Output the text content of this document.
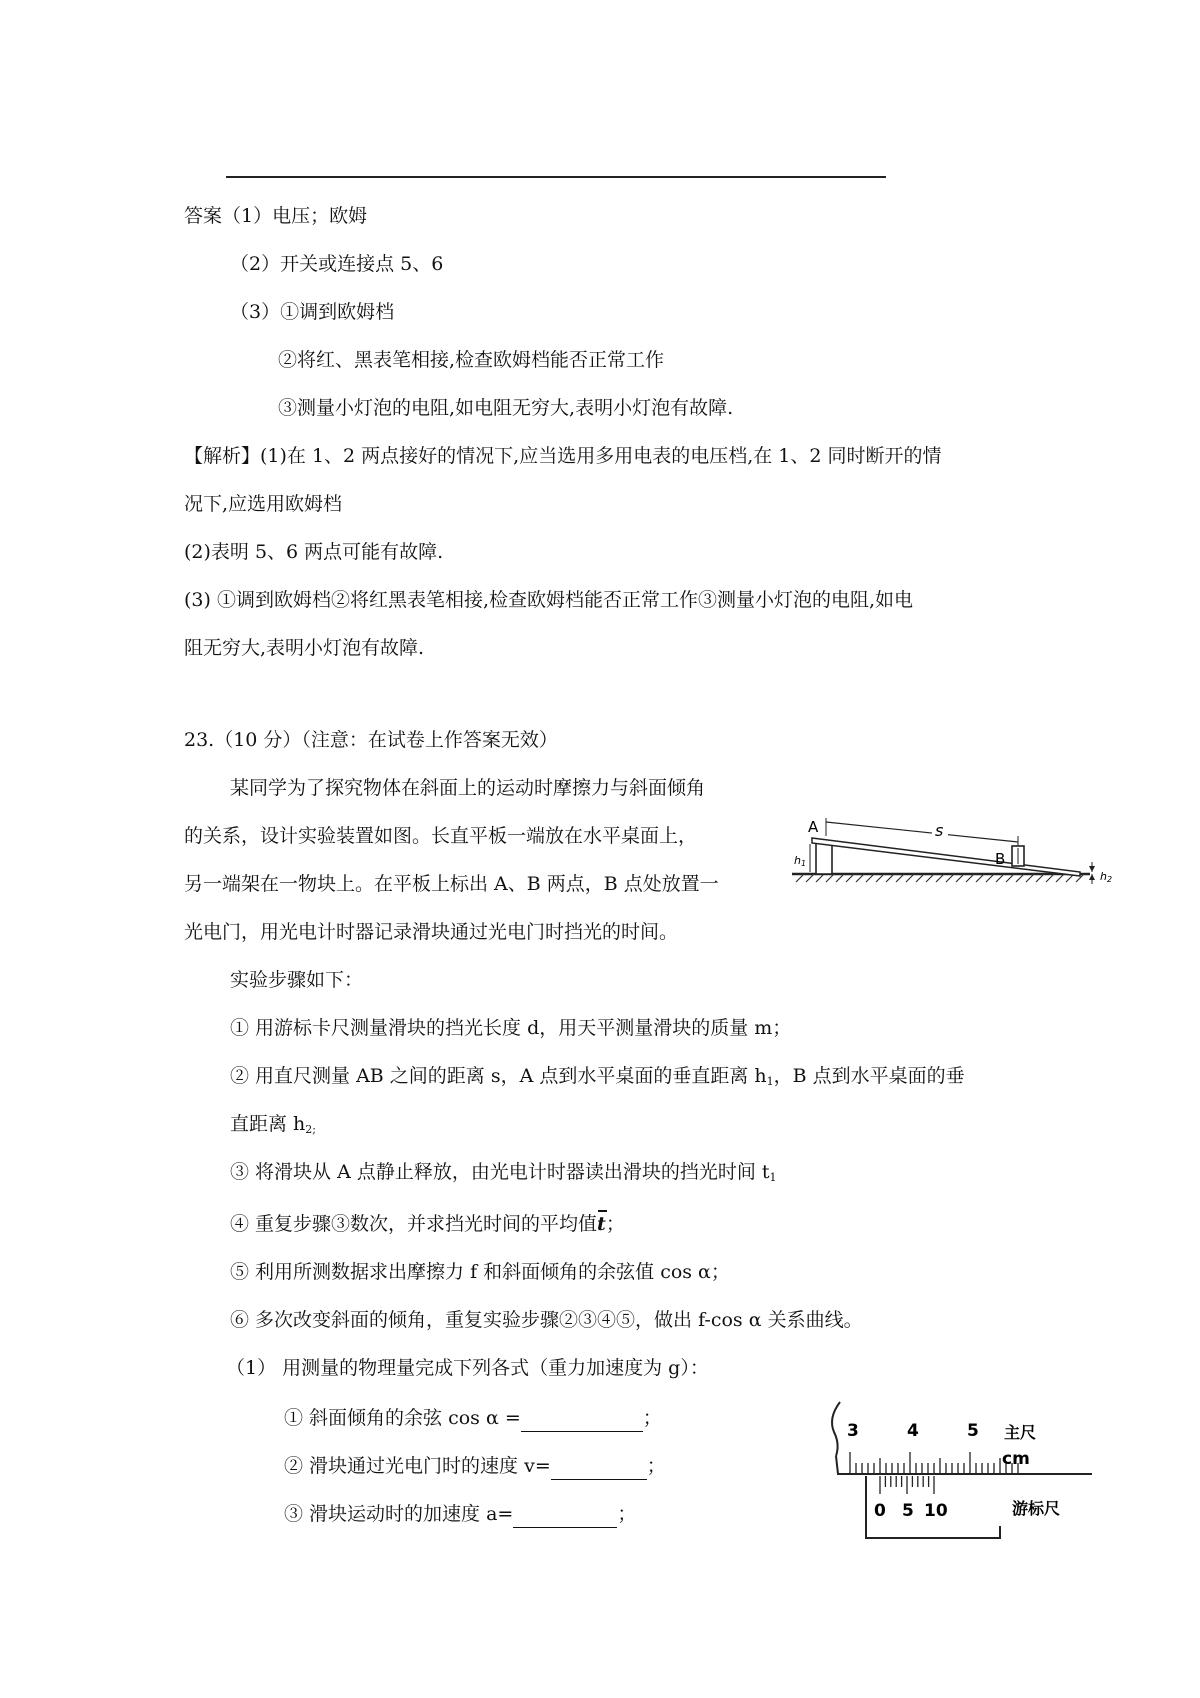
答案（1）电压；欧姆
（2）开关或连接点 5、6
（3）①调到欧姆档
②将红、黑表笔相接,检查欧姆档能否正常工作
③测量小灯泡的电阻,如电阻无穷大,表明小灯泡有故障.
【解析】(1)在 1、2 两点接好的情况下,应当选用多用电表的电压档,在 1、2 同时断开的情
况下,应选用欧姆档
(2)表明 5、6 两点可能有故障.
(3) ①调到欧姆档②将红黑表笔相接,检查欧姆档能否正常工作③测量小灯泡的电阻,如电
阻无穷大,表明小灯泡有故障.
23.（10 分）（注意：在试卷上作答案无效）
某同学为了探究物体在斜面上的运动时摩擦力与斜面倾角
的关系，设计实验装置如图。长直平板一端放在水平桌面上，
另一端架在一物块上。在平板上标出 A、B 两点，B 点处放置一
光电门，用光电计时器记录滑块通过光电门时挡光的时间。
s
A
B
h1
h2
实验步骤如下：
① 用游标卡尺测量滑块的挡光长度 d，用天平测量滑块的质量 m；
② 用直尺测量 AB 之间的距离 s，A 点到水平桌面的垂直距离 $h_1$，B 点到水平桌面的垂
直距离 $h_{2;}$
③ 将滑块从 A 点静止释放，由光电计时器读出滑块的挡光时间 $t_1$
④ 重复步骤③数次，并求挡光时间的平均值t；
⑤ 利用所测数据求出摩擦力 f 和斜面倾角的余弦值 cos α；
⑥ 多次改变斜面的倾角，重复实验步骤②③④⑤，做出 f-cos α 关系曲线。
（1） 用测量的物理量完成下列各式（重力加速度为 g）：
① 斜面倾角的余弦 cos α =	；
② 滑块通过光电门时的速度 v=	；
③ 滑块运动时的加速度 a=	；
3	4	5 主尺
cm
0 5 10	游标尺
